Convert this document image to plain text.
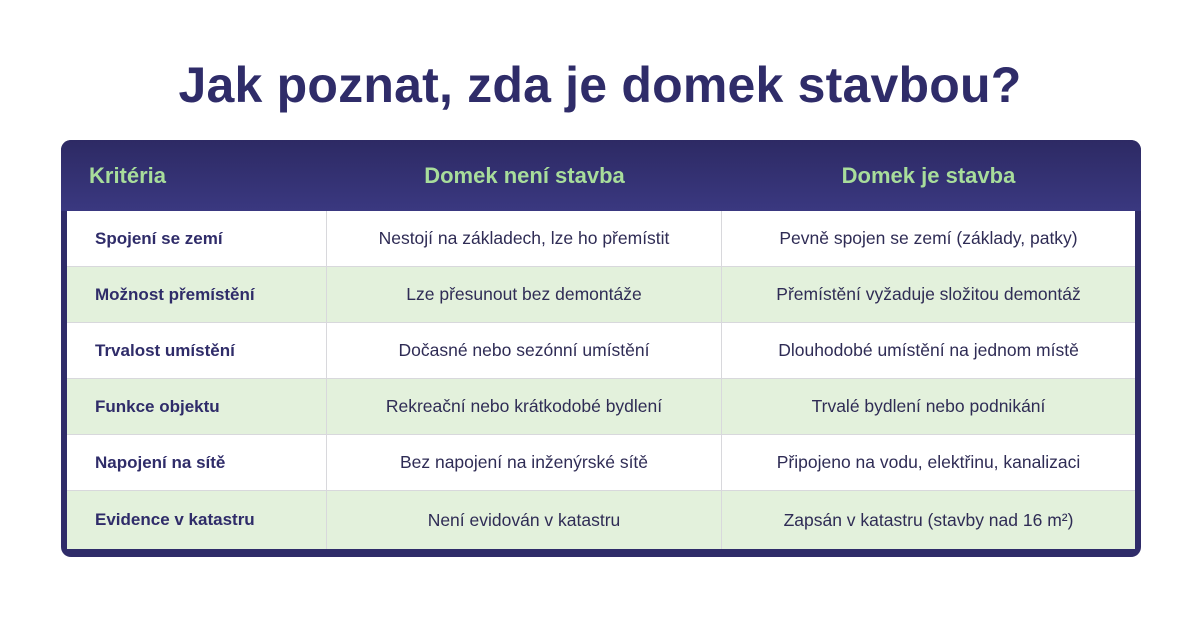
Jak poznat, zda je domek stavbou?
Kritéria	Domek není stavba	Domek je stavba
Spojení se zemí	Nestojí na základech, lze ho přemístit	Pevně spojen se zemí (základy, patky)
Možnost přemístění	Lze přesunout bez demontáže	Přemístění vyžaduje složitou demontáž
Trvalost umístění	Dočasné nebo sezónní umístění	Dlouhodobé umístění na jednom místě
Funkce objektu	Rekreační nebo krátkodobé bydlení	Trvalé bydlení nebo podnikání
Napojení na sítě	Bez napojení na inženýrské sítě	Připojeno na vodu, elektřinu, kanalizaci
Evidence v katastru	Není evidován v katastru	Zapsán v katastru (stavby nad 16 m²)
